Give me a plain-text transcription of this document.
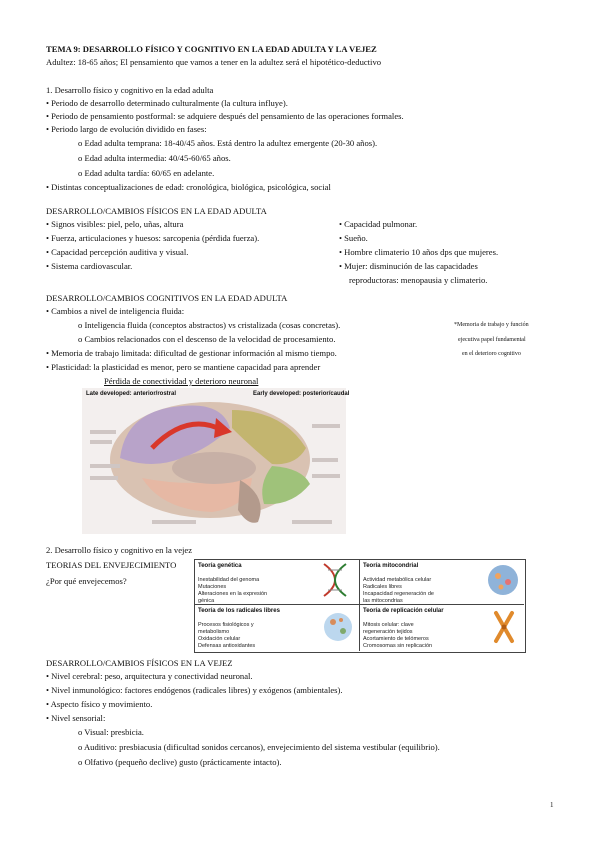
TEMA 9: DESARROLLO FÍSICO Y COGNITIVO EN LA EDAD ADULTA Y LA VEJEZ
Adultez: 18-65 años; El pensamiento que vamos a tener en la adultez será el hipotético-deductivo
1. Desarrollo físico y cognitivo en la edad adulta
• Periodo de desarrollo determinado culturalmente (la cultura influye).
• Periodo de pensamiento postformal: se adquiere después del pensamiento de las operaciones formales.
• Periodo largo de evolución dividido en fases:
o Edad adulta temprana: 18-40/45 años. Está dentro la adultez emergente (20-30 años).
o Edad adulta intermedia: 40/45-60/65 años.
o Edad adulta tardía: 60/65 en adelante.
• Distintas conceptualizaciones de edad: cronológica, biológica, psicológica, social
DESARROLLO/CAMBIOS FÍSICOS EN LA EDAD ADULTA
• Signos visibles: piel, pelo, uñas, altura
• Fuerza, articulaciones y huesos: sarcopenia (pérdida fuerza).
• Capacidad percepción auditiva y visual.
• Sistema cardiovascular.
• Capacidad pulmonar.
• Sueño.
• Hombre climaterio 10 años dps que mujeres.
• Mujer: disminución de las capacidades
reproductoras: menopausia y climaterio.
DESARROLLO/CAMBIOS COGNITIVOS EN LA EDAD ADULTA
• Cambios a nivel de inteligencia fluida:
o Inteligencia fluida (conceptos abstractos) vs cristalizada (cosas concretas).
o Cambios relacionados con el descenso de la velocidad de procesamiento.
• Memoria de trabajo limitada: dificultad de gestionar información al mismo tiempo.
• Plasticidad: la plasticidad es menor, pero se mantiene capacidad para aprender
*Memoria de trabajo y función
ejecutiva papel fundamental
en el deterioro cognitivo
Pérdida de conectividad y deterioro neuronal
Late developed: anterior/rostral	Early developed: posterior/caudal
2. Desarrollo físico y cognitivo en la vejez
TEORIAS DEL ENVEJECIMIENTO
¿Por qué envejecemos?
Teoría genética
Inestabilidad del genoma
Mutaciones
Alteraciones en la expresión
génica
Teoría mitocondrial
Actividad metabólica celular
Radicales libres
Incapacidad regeneración de
las mitocondrias
Teoría de los radicales libres
Procesos fisiológicos y
metabolismo
Oxidación celular
Defensas antioxidantes
Teoría de replicación celular
Mitosis celular: clave
regeneración tejidos
Acortamiento de telómeros
Cromosomas sin replicación
DESARROLLO/CAMBIOS FÍSICOS EN LA VEJEZ
• Nivel cerebral: peso, arquitectura y conectividad neuronal.
• Nivel inmunológico: factores endógenos (radicales libres) y exógenos (ambientales).
• Aspecto físico y movimiento.
• Nivel sensorial:
o Visual: presbicia.
o Auditivo: presbiacusia (dificultad sonidos cercanos), envejecimiento del sistema vestibular (equilibrio).
o Olfativo (pequeño declive) gusto (prácticamente intacto).
1
